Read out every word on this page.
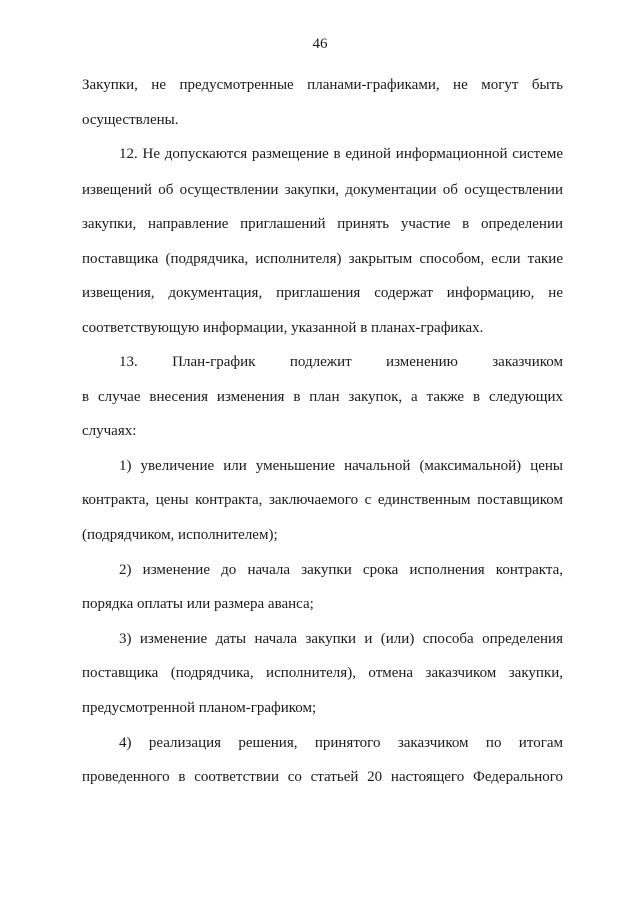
46
Закупки, не предусмотренные планами-графиками, не могут быть
осуществлены.
12. Не допускаются размещение в единой информационной системе
извещений об осуществлении закупки, документации об осуществлении
закупки, направление приглашений принять участие в определении
поставщика (подрядчика, исполнителя) закрытым способом, если такие
извещения, документация, приглашения содержат информацию, не
соответствующую информации, указанной в планах-графиках.
13. План-график подлежит изменению заказчиком
в случае внесения изменения в план закупок, а также в следующих
случаях:
1) увеличение или уменьшение начальной (максимальной) цены
контракта, цены контракта, заключаемого с единственным поставщиком
(подрядчиком, исполнителем);
2) изменение до начала закупки срока исполнения контракта,
порядка оплаты или размера аванса;
3) изменение даты начала закупки и (или) способа определения
поставщика (подрядчика, исполнителя), отмена заказчиком закупки,
предусмотренной планом-графиком;
4) реализация решения, принятого заказчиком по итогам
проведенного в соответствии со статьей 20 настоящего Федерального
